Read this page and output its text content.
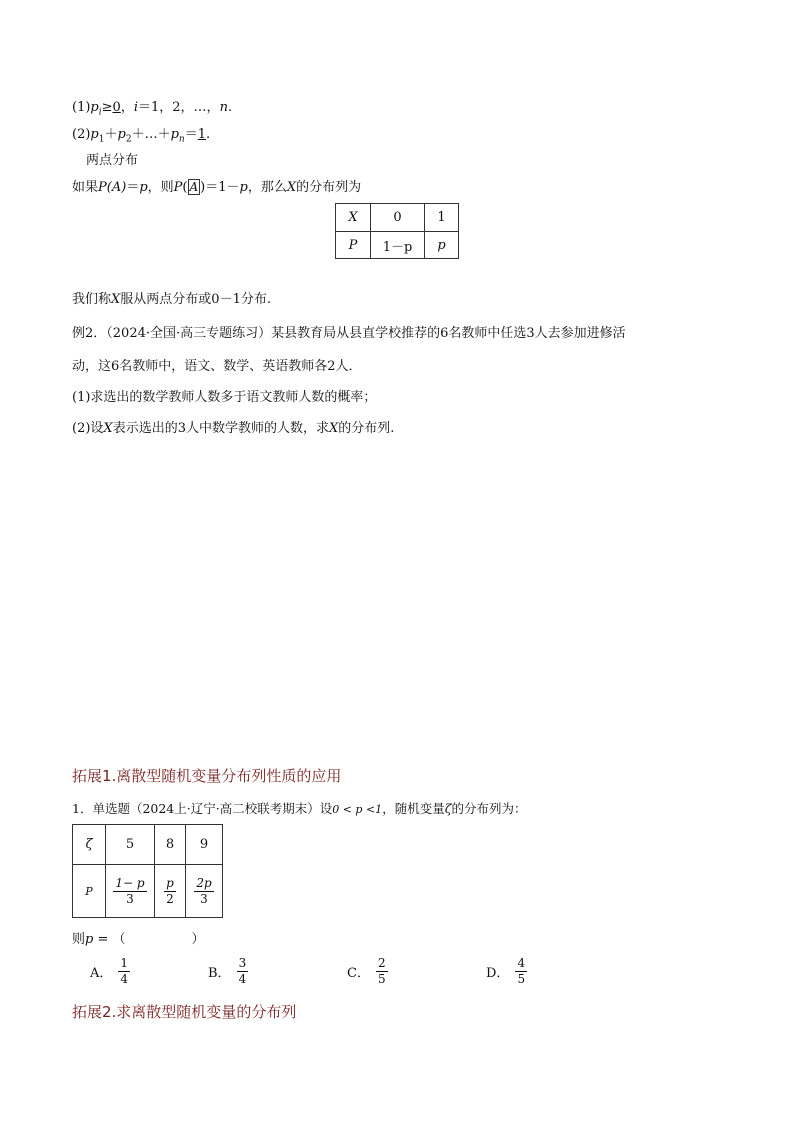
$(1)p_i\ge 0$，i＝1，2，…，n.
$(2)p_1+p_2+\dots+p_n=1$.
两点分布
如果P(A)＝p，则P( A )＝1－p，那么X的分布列为
X	0	1
P	1－p	p
我们称X服从两点分布或0－1分布.
例2．（2024·全国·高三专题练习）某县教育局从县直学校推荐的6名教师中任选3人去参加进修活
动，这6名教师中，语文、数学、英语教师各2人．
(1)求选出的数学教师人数多于语文教师人数的概率；
(2)设X表示选出的3人中数学教师的人数，求X的分布列.
拓展1.离散型随机变量分布列性质的应用
1．单选题（2024上·辽宁·高二校联考期末）设0 < p <1，随机变量ζ的分布列为：
ζ	5	8	9
P	$\frac{1- p}{3}$	$\frac{p}{2}$	$\frac{2p}{3}$
则p = （	）
A． $\frac{1}{4}$	B． $\frac{3}{4}$	C． $\frac{2}{5}$	D． $\frac{4}{5}$
拓展2.求离散型随机变量的分布列
